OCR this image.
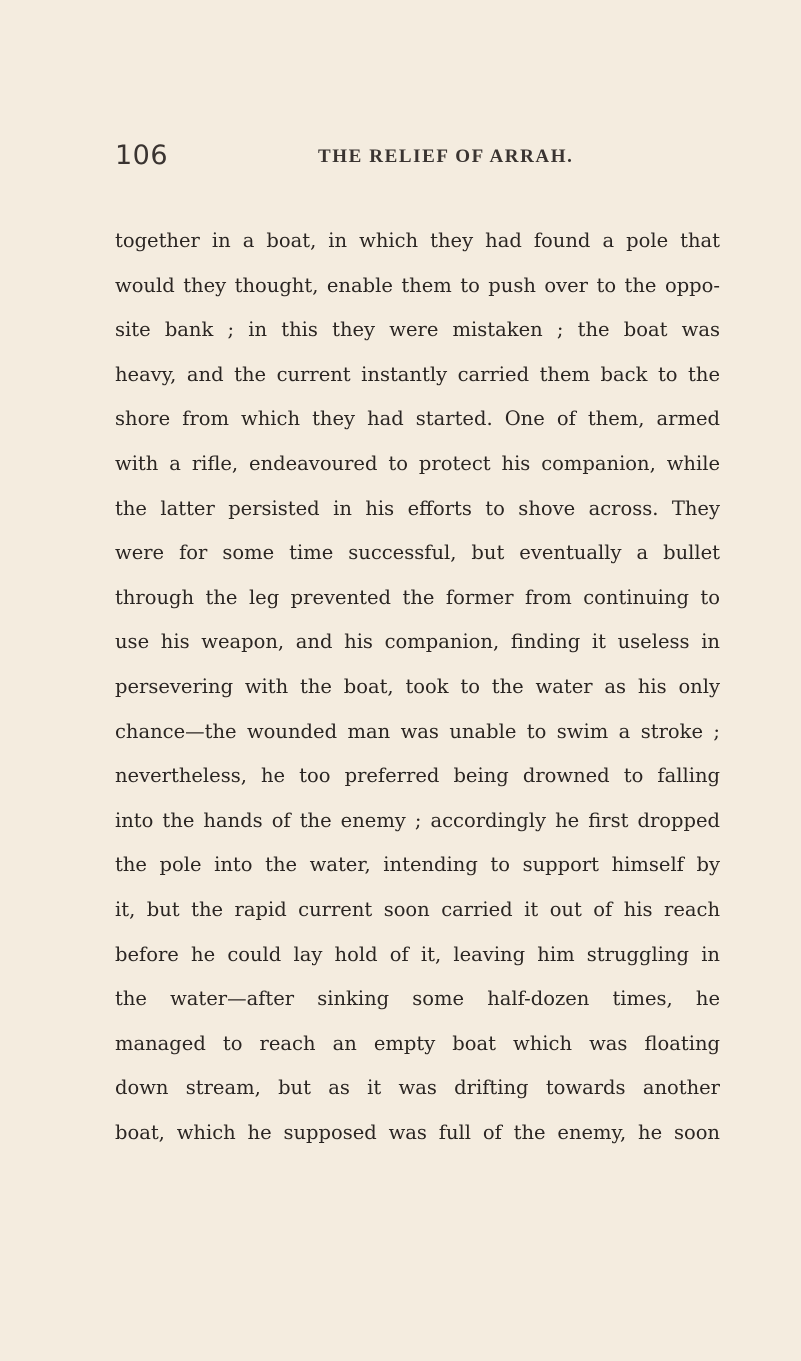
106	THE RELIEF OF ARRAH.
together in a boat, in which they had found a pole that
would they thought, enable them to push over to the oppo-
site bank ; in this they were mistaken ; the boat was
heavy, and the current instantly carried them back to the
shore from which they had started. One of them, armed
with a rifle, endeavoured to protect his companion, while
the latter persisted in his efforts to shove across. They
were for some time successful, but eventually a bullet
through the leg prevented the former from continuing to
use his weapon, and his companion, finding it useless in
persevering with the boat, took to the water as his only
chance—the wounded man was unable to swim a stroke ;
nevertheless, he too preferred being drowned to falling
into the hands of the enemy ; accordingly he first dropped
the pole into the water, intending to support himself by
it, but the rapid current soon carried it out of his reach
before he could lay hold of it, leaving him struggling in
the water—after sinking some half-dozen times, he
managed to reach an empty boat which was floating
down stream, but as it was drifting towards another
boat, which he supposed was full of the enemy, he soon
